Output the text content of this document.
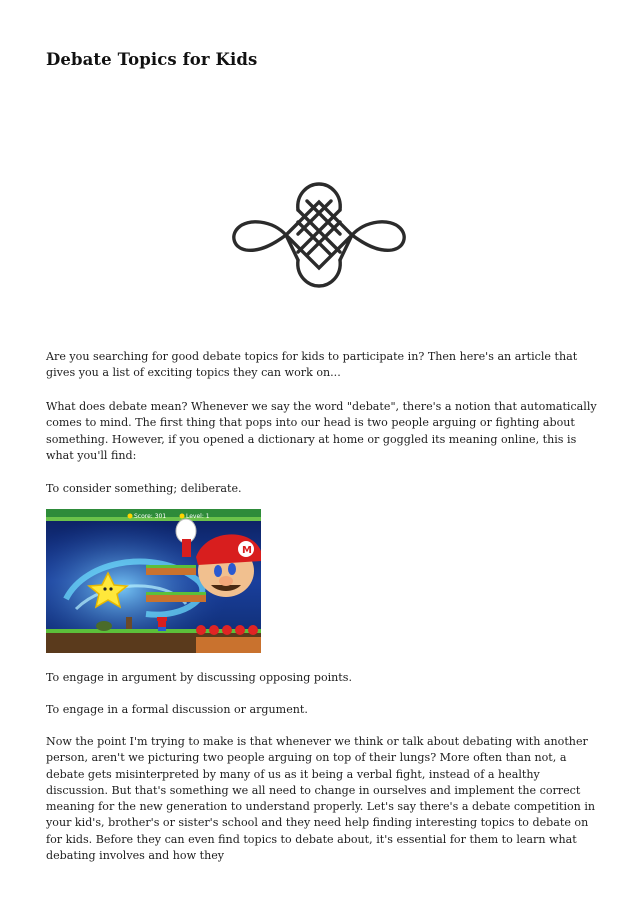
Debate Topics for Kids

Are you searching for good debate topics for kids to participate in? Then here's an article that gives you a list of exciting topics they can work on...

What does debate mean? Whenever we say the word "debate", there's a notion that automatically comes to mind. The first thing that pops into our head is two people arguing or fighting about something. However, if you opened a dictionary at home or goggled its meaning online, this is what you'll find:

To consider something; deliberate.

M
Score: 301	Level: 1

To engage in argument by discussing opposing points.

To engage in a formal discussion or argument.

Now the point I'm trying to make is that whenever we think or talk about debating with another person, aren't we picturing two people arguing on top of their lungs? More often than not, a debate gets misinterpreted by many of us as it being a verbal fight, instead of a healthy discussion. But that's something we all need to change in ourselves and implement the correct meaning for the new generation to understand properly. Let's say there's a debate competition in your kid's, brother's or sister's school and they need help finding interesting topics to debate on for kids. Before they can even find topics to debate about, it's essential for them to learn what debating involves and how they
